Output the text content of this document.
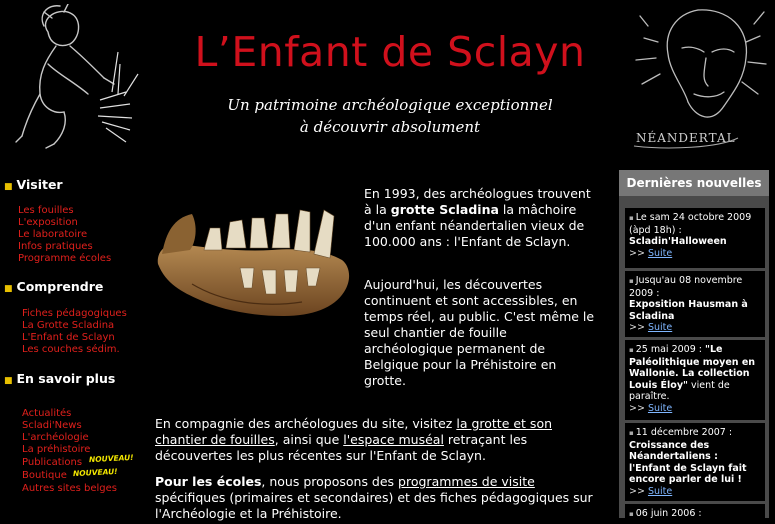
L’Enfant de Sclayn
Un patrimoine archéologique exceptionnel
à découvrir absolument
NÉANDERTAL
■ Visiter
Les fouilles
L'exposition
Le laboratoire
Infos pratiques
Programme écoles
■ Comprendre
Fiches pédagogiques
La Grotte Scladina
L'Enfant de Sclayn
Les couches sédim.
■ En savoir plus
Actualités
Scladi'News
L'archéologie
La préhistoire
Publications
Boutique
Autres sites belges
NOUVEAU!
NOUVEAU!
En 1993, des archéologues trouvent à la grotte Scladina la mâchoire d'un enfant néandertalien vieux de 100.000 ans : l'Enfant de Sclayn.
Aujourd'hui, les découvertes continuent et sont accessibles, en temps réel, au public. C'est même le seul chantier de fouille archéologique permanent de Belgique pour la Préhistoire en grotte.
En compagnie des archéologues du site, visitez la grotte et son chantier de fouilles, ainsi que l'espace muséal retraçant les découvertes les plus récentes sur l'Enfant de Sclayn.
Pour les écoles, nous proposons des programmes de visite spécifiques (primaires et secondaires) et des fiches pédagogiques sur l'Archéologie et la Préhistoire.
Dernières nouvelles
▪ Le sam 24 octobre 2009 (àpd 18h) :
Scladin'Halloween
>> Suite
▪ Jusqu'au 08 novembre 2009 :
Exposition Hausman à Scladina
>> Suite
▪ 25 mai 2009 : "Le Paléolithique moyen en Wallonie. La collection Louis Éloy" vient de paraître.
>> Suite
▪ 11 décembre 2007 :
Croissance des Néandertaliens : l'Enfant de Sclayn fait encore parler de lui !
>> Suite
▪ 06 juin 2006 :
